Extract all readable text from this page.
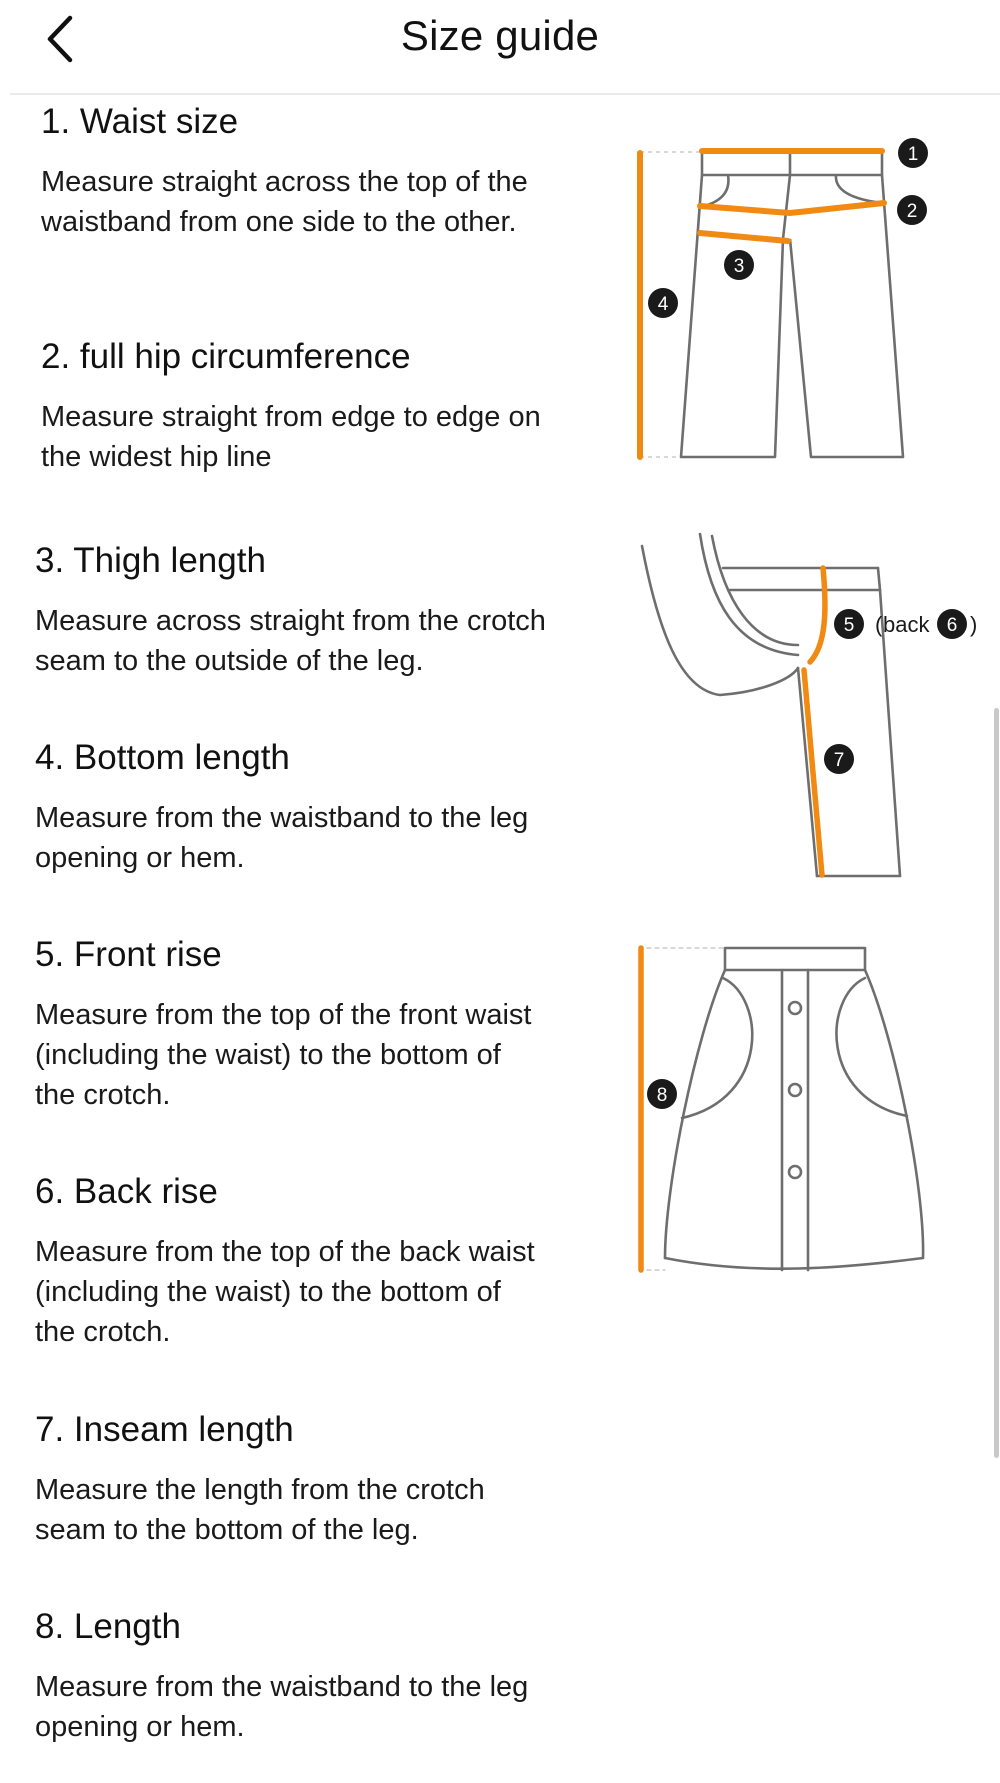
Size guide
1. Waist size

Measure straight across the top of the waistband from one side to the other.

2. full hip circumference

Measure straight from edge to edge on the widest hip line

3. Thigh length

Measure across straight from the crotch seam to the outside of the leg.

4. Bottom length

Measure from the waistband to the leg opening or hem.

5. Front rise

Measure from the top of the front waist (including the waist) to the bottom of the crotch.

6. Back rise

Measure from the top of the back waist (including the waist) to the bottom of the crotch.

7. Inseam length

Measure the length from the crotch seam to the bottom of the leg.

8. Length

Measure from the waistband to the leg opening or hem.

1
2
3
4
5 ( back 6 )
7
8
